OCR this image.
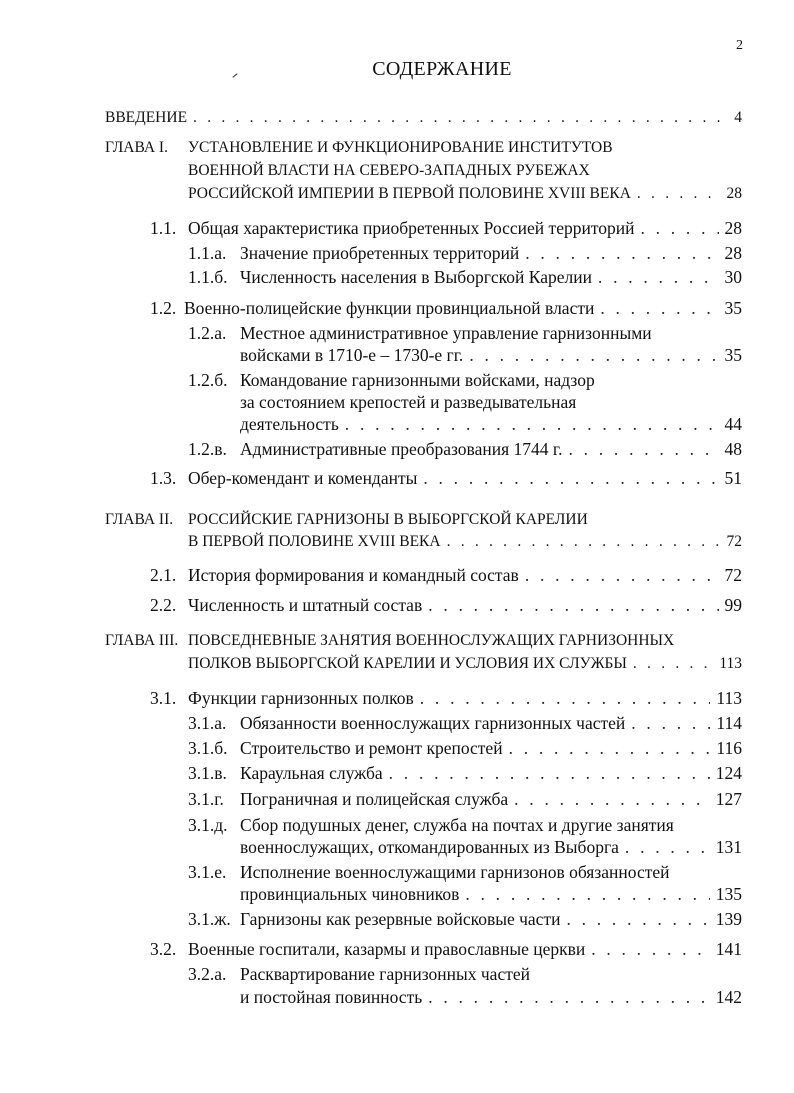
2
СОДЕРЖАНИЕ
ВВЕДЕНИЕ . . .	4
ГЛАВА I. УСТАНОВЛЕНИЕ И ФУНКЦИОНИРОВАНИЕ ИНСТИТУТОВ
ВОЕННОЙ ВЛАСТИ НА СЕВЕРО-ЗАПАДНЫХ РУБЕЖАХ
РОССИЙСКОЙ ИМПЕРИИ В ПЕРВОЙ ПОЛОВИНЕ XVIII ВЕКА . . .	28
1.1. Общая характеристика приобретенных Россией территорий . . .	28
1.1.а. Значение приобретенных территорий . . .	28
1.1.б. Численность населения в Выборгской Карелии . . .	30
1.2. Военно-полицейские функции провинциальной власти . . .	35
1.2.а. Местное административное управление гарнизонными
войсками в 1710-е – 1730-е гг. . . .	35
1.2.б. Командование гарнизонными войсками, надзор
за состоянием крепостей и разведывательная
деятельность . . .	44
1.2.в. Административные преобразования 1744 г. . . .	48
1.3. Обер-комендант и коменданты . . .	51
ГЛАВА II. РОССИЙСКИЕ ГАРНИЗОНЫ В ВЫБОРГСКОЙ КАРЕЛИИ
В ПЕРВОЙ ПОЛОВИНЕ XVIII ВЕКА . . .	72
2.1. История формирования и командный состав . . .	72
2.2. Численность и штатный состав . . .	99
ГЛАВА III. ПОВСЕДНЕВНЫЕ ЗАНЯТИЯ ВОЕННОСЛУЖАЩИХ ГАРНИЗОННЫХ
ПОЛКОВ ВЫБОРГСКОЙ КАРЕЛИИ И УСЛОВИЯ ИХ СЛУЖБЫ . . .	113
3.1. Функции гарнизонных полков . . .	113
3.1.а. Обязанности военнослужащих гарнизонных частей . . .	114
3.1.б. Строительство и ремонт крепостей . . .	116
3.1.в. Караульная служба . . .	124
3.1.г. Пограничная и полицейская служба . . .	127
3.1.д. Сбор подушных денег, служба на почтах и другие занятия
военнослужащих, откомандированных из Выборга . . .	131
3.1.е. Исполнение военнослужащими гарнизонов обязанностей
провинциальных чиновников . . .	135
3.1.ж. Гарнизоны как резервные войсковые части . . .	139
3.2. Военные госпитали, казармы и православные церкви . . .	141
3.2.а. Расквартирование гарнизонных частей
и постойная повинность . . .	142
